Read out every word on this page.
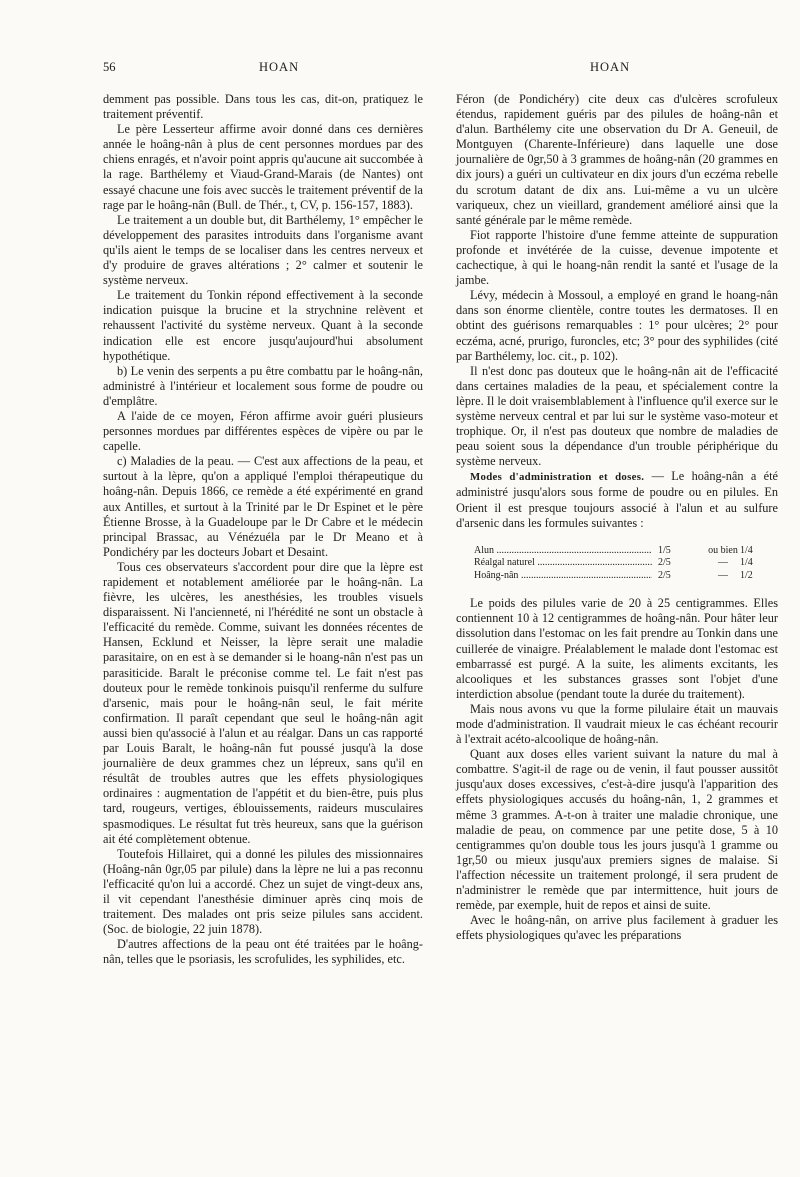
56	HOAN	HOAN

demment pas possible. Dans tous les cas, dit-on, pratiquez le traitement préventif.

Le père Lesserteur affirme avoir donné dans ces dernières année le hoâng-nân à plus de cent personnes mordues par des chiens enragés, et n'avoir point appris qu'aucune ait succombée à la rage. Barthélemy et Viaud-Grand-Marais (de Nantes) ont essayé chacune une fois avec succès le traitement préventif de la rage par le hoâng-nân (Bull. de Thér., t, CV, p. 156-157, 1883).

Le traitement a un double but, dit Barthélemy, 1° empêcher le développement des parasites introduits dans l'organisme avant qu'ils aient le temps de se localiser dans les centres nerveux et d'y produire de graves altérations ; 2° calmer et soutenir le système nerveux.

Le traitement du Tonkin répond effectivement à la seconde indication puisque la brucine et la strychnine relèvent et rehaussent l'activité du système nerveux. Quant à la seconde indication elle est encore jusqu'aujourd'hui absolument hypothétique.

b) Le venin des serpents a pu être combattu par le hoâng-nân, administré à l'intérieur et localement sous forme de poudre ou d'emplâtre.

A l'aide de ce moyen, Féron affirme avoir guéri plusieurs personnes mordues par différentes espèces de vipère ou par le capelle.

c) Maladies de la peau. — C'est aux affections de la peau, et surtout à la lèpre, qu'on a appliqué l'emploi thérapeutique du hoâng-nân. Depuis 1866, ce remède a été expérimenté en grand aux Antilles, et surtout à la Trinité par le Dr Espinet et le père Étienne Brosse, à la Guadeloupe par le Dr Cabre et le médecin principal Brassac, au Vénézuéla par le Dr Meano et à Pondichéry par les docteurs Jobart et Desaint.

Tous ces observateurs s'accordent pour dire que la lèpre est rapidement et notablement améliorée par le hoâng-nân. La fièvre, les ulcères, les anesthésies, les troubles visuels disparaissent. Ni l'ancienneté, ni l'hérédité ne sont un obstacle à l'efficacité du remède. Comme, suivant les données récentes de Hansen, Ecklund et Neisser, la lèpre serait une maladie parasitaire, on en est à se demander si le hoang-nân n'est pas un parasiticide. Baralt le préconise comme tel. Le fait n'est pas douteux pour le remède tonkinois puisqu'il renferme du sulfure d'arsenic, mais pour le hoâng-nân seul, le fait mérite confirmation. Il paraît cependant que seul le hoâng-nân agit aussi bien qu'associé à l'alun et au réalgar. Dans un cas rapporté par Louis Baralt, le hoâng-nân fut poussé jusqu'à la dose journalière de deux grammes chez un lépreux, sans qu'il en résultât de troubles autres que les effets physiologiques ordinaires : augmentation de l'appétit et du bien-être, puis plus tard, rougeurs, vertiges, éblouissements, raideurs musculaires spasmodiques. Le résultat fut très heureux, sans que la guérison ait été complètement obtenue.

Toutefois Hillairet, qui a donné les pilules des missionnaires (Hoâng-nân 0gr,05 par pilule) dans la lèpre ne lui a pas reconnu l'efficacité qu'on lui a accordé. Chez un sujet de vingt-deux ans, il vit cependant l'anesthésie diminuer après cinq mois de traitement. Des malades ont pris seize pilules sans accident. (Soc. de biologie, 22 juin 1878).

D'autres affections de la peau ont été traitées par le hoâng-nân, telles que le psoriasis, les scrofulides, les syphilides, etc.

Féron (de Pondichéry) cite deux cas d'ulcères scrofuleux étendus, rapidement guéris par des pilules de hoâng-nân et d'alun. Barthélemy cite une observation du Dr A. Geneuil, de Montguyen (Charente-Inférieure) dans laquelle une dose journalière de 0gr,50 à 3 grammes de hoâng-nân (20 grammes en dix jours) a guéri un cultivateur en dix jours d'un eczéma rebelle du scrotum datant de dix ans. Lui-même a vu un ulcère variqueux, chez un vieillard, grandement amélioré ainsi que la santé générale par le même remède.

Fiot rapporte l'histoire d'une femme atteinte de suppuration profonde et invétérée de la cuisse, devenue impotente et cachectique, à qui le hoang-nân rendit la santé et l'usage de la jambe.

Lévy, médecin à Mossoul, a employé en grand le hoang-nân dans son énorme clientèle, contre toutes les dermatoses. Il en obtint des guérisons remarquables : 1° pour ulcères; 2° pour eczéma, acné, prurigo, furoncles, etc; 3° pour des syphilides (cité par Barthélemy, loc. cit., p. 102).

Il n'est donc pas douteux que le hoâng-nân ait de l'efficacité dans certaines maladies de la peau, et spécialement contre la lèpre. Il le doit vraisemblablement à l'influence qu'il exerce sur le système nerveux central et par lui sur le système vaso-moteur et trophique. Or, il n'est pas douteux que nombre de maladies de peau soient sous la dépendance d'un trouble périphérique du système nerveux.

Modes d'administration et doses. — Le hoâng-nân a été administré jusqu'alors sous forme de poudre ou en pilules. En Orient il est presque toujours associé à l'alun et au sulfure d'arsenic dans les formules suivantes :

Alun .....	1/5	ou bien 1/4
Réalgal naturel .....	2/5	—	1/4
Hoâng-nân .....	2/5	—	1/2

Le poids des pilules varie de 20 à 25 centigrammes. Elles contiennent 10 à 12 centigrammes de hoâng-nân. Pour hâter leur dissolution dans l'estomac on les fait prendre au Tonkin dans une cuillerée de vinaigre. Préalablement le malade dont l'estomac est embarrassé est purgé. A la suite, les aliments excitants, les alcooliques et les substances grasses sont l'objet d'une interdiction absolue (pendant toute la durée du traitement).

Mais nous avons vu que la forme pilulaire était un mauvais mode d'administration. Il vaudrait mieux le cas échéant recourir à l'extrait acéto-alcoolique de hoâng-nân.

Quant aux doses elles varient suivant la nature du mal à combattre. S'agit-il de rage ou de venin, il faut pousser aussitôt jusqu'aux doses excessives, c'est-à-dire jusqu'à l'apparition des effets physiologiques accusés du hoâng-nân, 1, 2 grammes et même 3 grammes. A-t-on à traiter une maladie chronique, une maladie de peau, on commence par une petite dose, 5 à 10 centigrammes qu'on double tous les jours jusqu'à 1 gramme ou 1gr,50 ou mieux jusqu'aux premiers signes de malaise. Si l'affection nécessite un traitement prolongé, il sera prudent de n'administrer le remède que par intermittence, huit jours de remède, par exemple, huit de repos et ainsi de suite.

Avec le hoâng-nân, on arrive plus facilement à graduer les effets physiologiques qu'avec les préparations
